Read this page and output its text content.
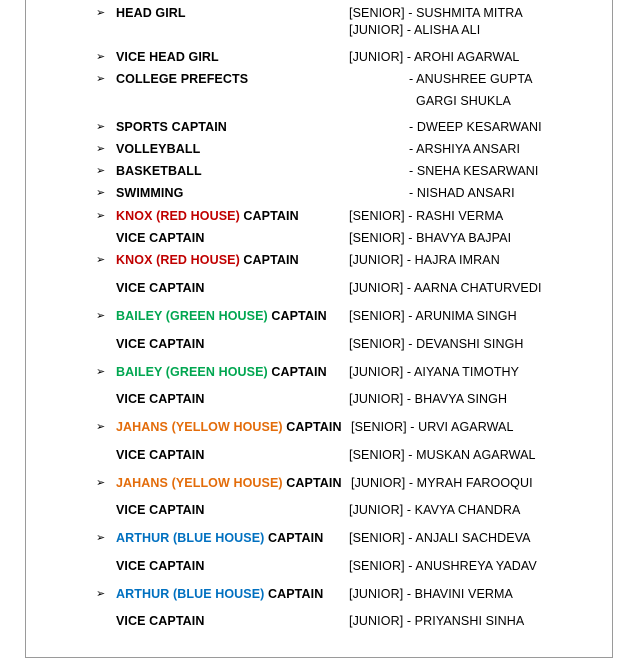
➢ HEAD GIRL	[SENIOR] - SUSHMITA MITRA
[JUNIOR] - ALISHA ALI
➢ VICE HEAD GIRL	[JUNIOR] - AROHI AGARWAL
➢ COLLEGE PREFECTS	- ANUSHREE GUPTA
GARGI SHUKLA
➢ SPORTS CAPTAIN	- DWEEP KESARWANI
➢ VOLLEYBALL	- ARSHIYA ANSARI
➢ BASKETBALL	- SNEHA KESARWANI
➢ SWIMMING	- NISHAD ANSARI
➢ KNOX (RED HOUSE) CAPTAIN	[SENIOR] - RASHI VERMA
VICE CAPTAIN	[SENIOR] - BHAVYA BAJPAI
➢ KNOX (RED HOUSE) CAPTAIN	[JUNIOR] - HAJRA IMRAN
VICE CAPTAIN	[JUNIOR] - AARNA CHATURVEDI
➢ BAILEY (GREEN HOUSE) CAPTAIN [SENIOR] - ARUNIMA SINGH
VICE CAPTAIN	[SENIOR] - DEVANSHI SINGH
➢ BAILEY (GREEN HOUSE) CAPTAIN [JUNIOR] - AIYANA TIMOTHY
VICE CAPTAIN	[JUNIOR] - BHAVYA SINGH
➢ JAHANS (YELLOW HOUSE) CAPTAIN [SENIOR] - URVI AGARWAL
VICE CAPTAIN	[SENIOR] - MUSKAN AGARWAL
➢ JAHANS (YELLOW HOUSE) CAPTAIN [JUNIOR] - MYRAH FAROOQUI
VICE CAPTAIN	[JUNIOR] - KAVYA CHANDRA
➢ ARTHUR (BLUE HOUSE) CAPTAIN [SENIOR] - ANJALI SACHDEVA
VICE CAPTAIN	[SENIOR] - ANUSHREYA YADAV
➢ ARTHUR (BLUE HOUSE) CAPTAIN [JUNIOR] - BHAVINI VERMA
VICE CAPTAIN	[JUNIOR] - PRIYANSHI SINHA
